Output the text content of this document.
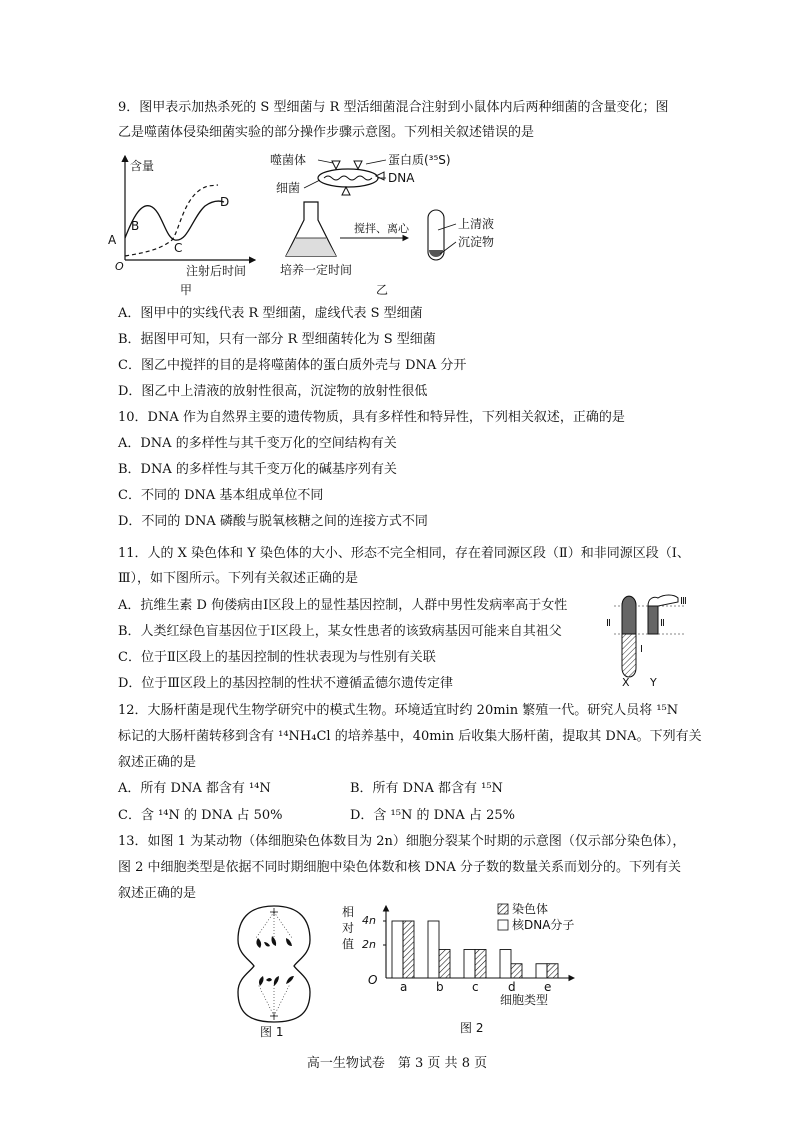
9．图甲表示加热杀死的 S 型细菌与 R 型活细菌混合注射到小鼠体内后两种细菌的含量变化；图
乙是噬菌体侵染细菌实验的部分操作步骤示意图。下列相关叙述错误的是
含量
O
A
B
C
D
注射后时间
甲
噬菌体
细菌
蛋白质(³⁵S)
DNA
搅拌、离心	上清液
沉淀物
培养一定时间
乙
A．图甲中的实线代表 R 型细菌，虚线代表 S 型细菌
B．据图甲可知，只有一部分 R 型细菌转化为 S 型细菌
C．图乙中搅拌的目的是将噬菌体的蛋白质外壳与 DNA 分开
D．图乙中上清液的放射性很高，沉淀物的放射性很低
10．DNA 作为自然界主要的遗传物质，具有多样性和特异性，下列相关叙述，正确的是
A．DNA 的多样性与其千变万化的空间结构有关
B．DNA 的多样性与其千变万化的碱基序列有关
C．不同的 DNA 基本组成单位不同
D．不同的 DNA 磷酸与脱氧核糖之间的连接方式不同
11．人的 X 染色体和 Y 染色体的大小、形态不完全相同，存在着同源区段（Ⅱ）和非同源区段（Ⅰ、
Ⅲ），如下图所示。下列有关叙述正确的是
A．抗维生素 D 佝偻病由Ⅰ区段上的显性基因控制，人群中男性发病率高于女性
B．人类红绿色盲基因位于Ⅰ区段上，某女性患者的该致病基因可能来自其祖父
C．位于Ⅱ区段上的基因控制的性状表现为与性别有关联
D．位于Ⅲ区段上的基因控制的性状不遵循孟德尔遗传定律
Ⅱ	Ⅱ
Ⅰ
Ⅲ
X Y
12．大肠杆菌是现代生物学研究中的模式生物。环境适宜时约 20min 繁殖一代。研究人员将 ¹⁵N
标记的大肠杆菌转移到含有 ¹⁴NH₄Cl 的培养基中，40min 后收集大肠杆菌，提取其 DNA。下列有关
叙述正确的是
A．所有 DNA 都含有 ¹⁴N	B．所有 DNA 都含有 ¹⁵N
C．含 ¹⁴N 的 DNA 占 50%	D．含 ¹⁵N 的 DNA 占 25%
13．如图 1 为某动物（体细胞染色体数目为 2n）细胞分裂某个时期的示意图（仅示部分染色体），
图 2 中细胞类型是依据不同时期细胞中染色体数和核 DNA 分子数的数量关系而划分的。下列有关
叙述正确的是
图 1
相
对
值
4n
2n
O a b c d e
染色体
核DNA分子
细胞类型
图 2
高一生物试卷　第 3 页 共 8 页
